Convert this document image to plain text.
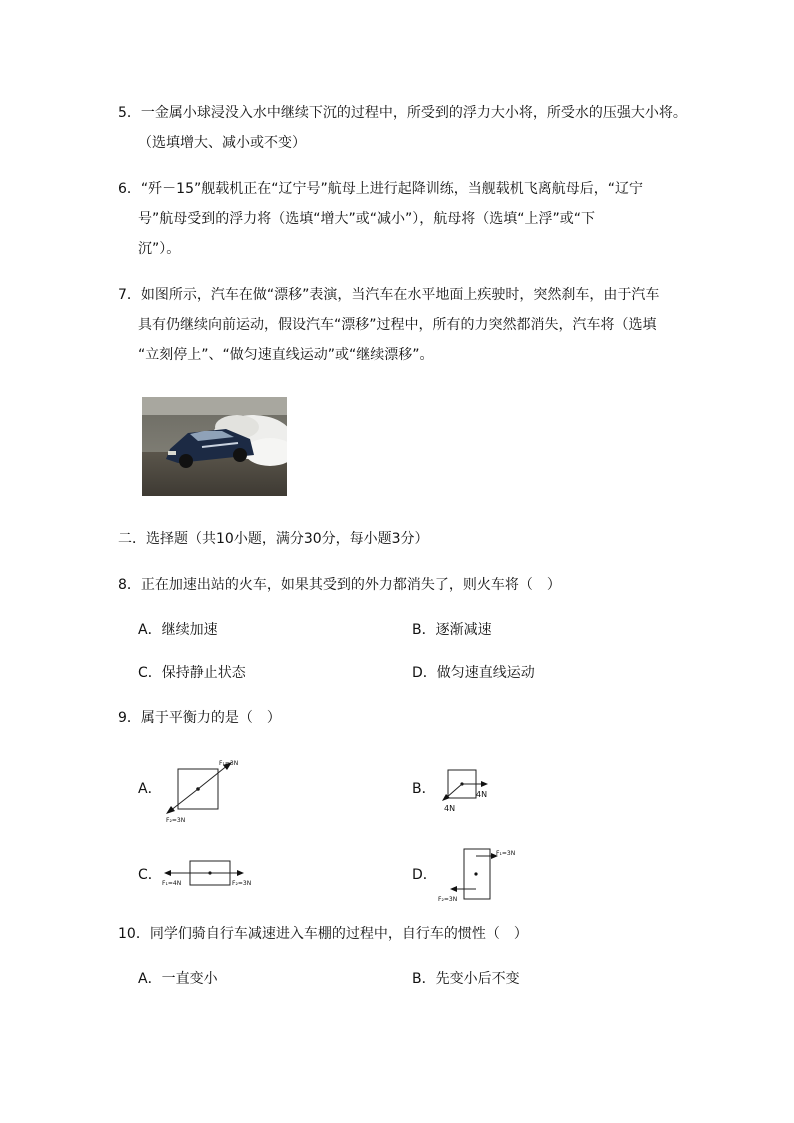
5．一金属小球浸没入水中继续下沉的过程中，所受到的浮力大小将，所受水的压强大小将。
（选填增大、减小或不变）
6．“歼－15”舰载机正在“辽宁号”航母上进行起降训练，当舰载机飞离航母后，“辽宁
号”航母受到的浮力将（选填“增大”或“减小”），航母将（选填“上浮”或“下
沉”）。
7．如图所示，汽车在做“漂移”表演，当汽车在水平地面上疾驶时，突然刹车，由于汽车
具有仍继续向前运动，假设汽车“漂移”过程中，所有的力突然都消失，汽车将（选填
“立刻停上”、“做匀速直线运动”或“继续漂移”。
二．选择题（共10小题，满分30分，每小题3分）
8．正在加速出站的火车，如果其受到的外力都消失了，则火车将（　）
A．继续加速	B．逐渐减速
C．保持静止状态	D．做匀速直线运动
9．属于平衡力的是（　）
A．
F₁=3N
F₂=3N
B．	4N
4N
C．
F₁=4N	F₂=3N
D．
F₁=3N
F₂=3N
10．同学们骑自行车减速进入车棚的过程中，自行车的惯性（　）
A．一直变小	B．先变小后不变
